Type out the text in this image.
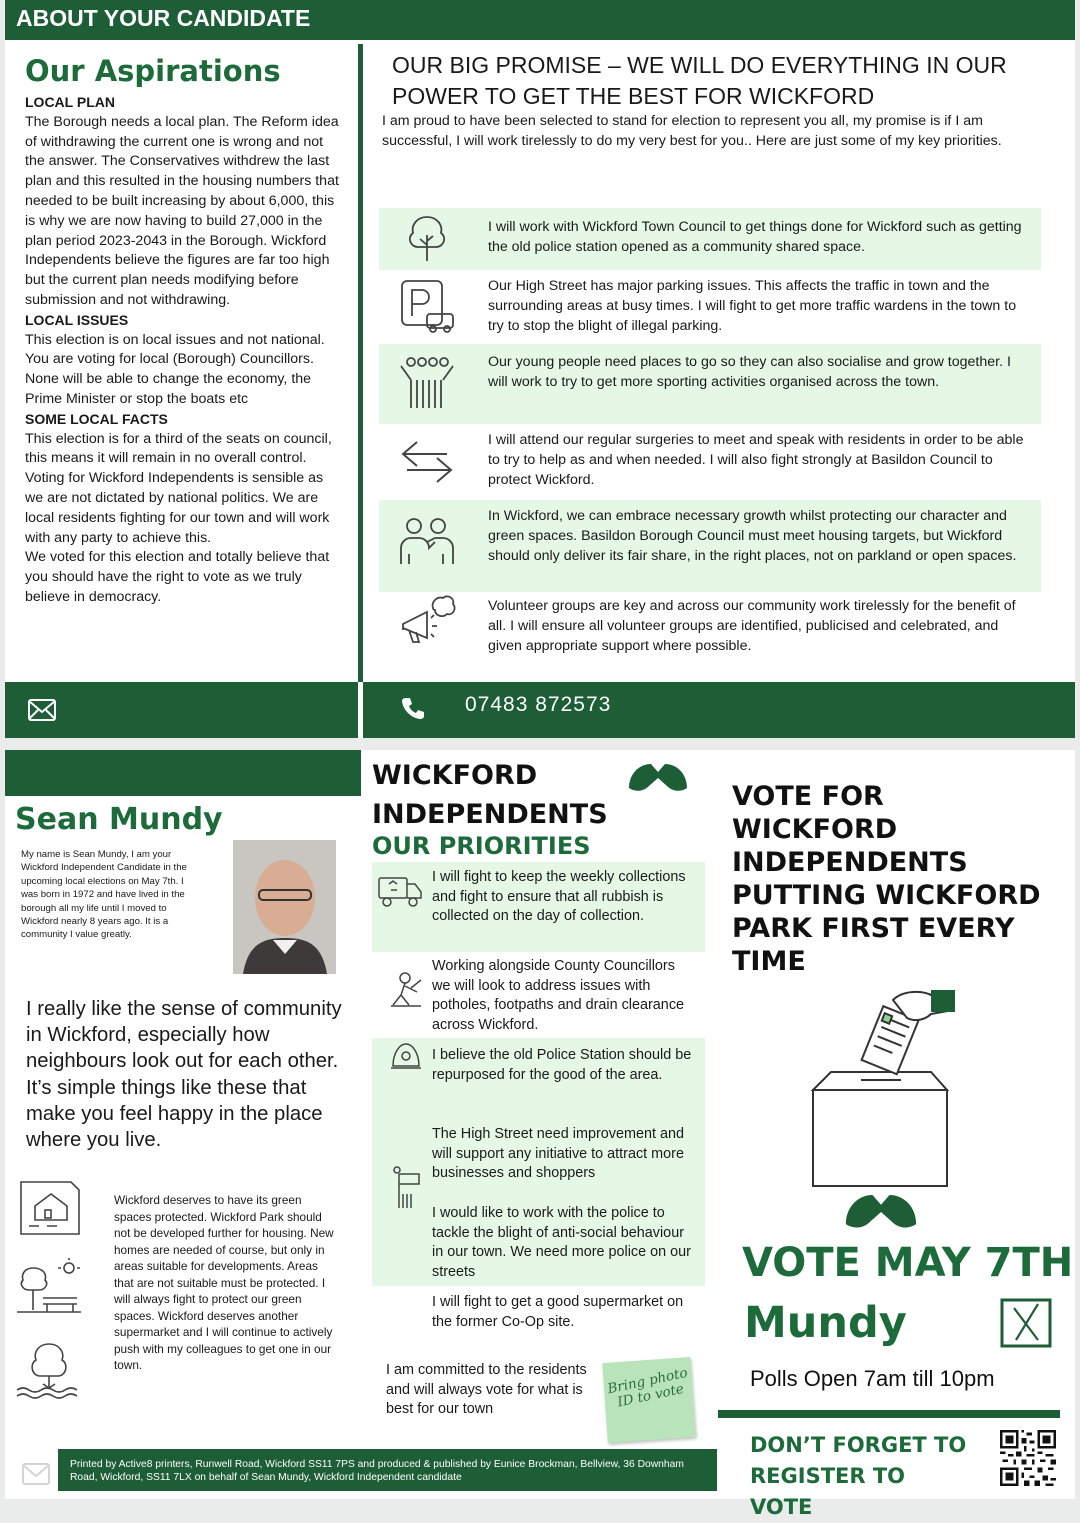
ABOUT YOUR CANDIDATE
Our Aspirations
LOCAL PLAN

The Borough needs a local plan. The Reform idea of withdrawing the current one is wrong and not the answer. The Conservatives withdrew the last plan and this resulted in the housing numbers that needed to be built increasing by about 6,000, this is why we are now having to build 27,000 in the plan period 2023-2043 in the Borough. Wickford Independents believe the figures are far too high but the current plan needs modifying before submission and not withdrawing.

LOCAL ISSUES

This election is on local issues and not national. You are voting for local (Borough) Councillors. None will be able to change the economy, the Prime Minister or stop the boats etc

SOME LOCAL FACTS

This election is for a third of the seats on council, this means it will remain in no overall control. Voting for Wickford Independents is sensible as we are not dictated by national politics. We are local residents fighting for our town and will work with any party to achieve this.

We voted for this election and totally believe that you should have the right to vote as we truly believe in democracy.

OUR BIG PROMISE – WE WILL DO EVERYTHING IN OUR POWER TO GET THE BEST FOR WICKFORD
I am proud to have been selected to stand for election to represent you all, my promise is if I am successful, I will work tirelessly to do my very best for you.. Here are just some of my key priorities.
I will work with Wickford Town Council to get things done for Wickford such as getting the old police station opened as a community shared space.
Our High Street has major parking issues. This affects the traffic in town and the surrounding areas at busy times. I will fight to get more traffic wardens in the town to try to stop the blight of illegal parking.
Our young people need places to go so they can also socialise and grow together. I will work to try to get more sporting activities organised across the town.
I will attend our regular surgeries to meet and speak with residents in order to be able to try to help as and when needed. I will also fight strongly at Basildon Council to protect Wickford.
In Wickford, we can embrace necessary growth whilst protecting our character and green spaces. Basildon Borough Council must meet housing targets, but Wickford should only deliver its fair share, in the right places, not on parkland or open spaces.
Volunteer groups are key and across our community work tirelessly for the benefit of all. I will ensure all volunteer groups are identified, publicised and celebrated, and given appropriate support where possible.
07483 872573
Sean Mundy
My name is Sean Mundy, I am your Wickford Independent Candidate in the upcoming local elections on May 7th. I was born in 1972 and have lived in the borough all my life until I moved to Wickford nearly 8 years ago. It is a community I value greatly.
I really like the sense of community in Wickford, especially how neighbours look out for each other. It’s simple things like these that make you feel happy in the place where you live.
Wickford deserves to have its green spaces protected. Wickford Park should not be developed further for housing. New homes are needed of course, but only in areas suitable for developments. Areas that are not suitable must be protected. I will always fight to protect our green spaces. Wickford deserves another supermarket and I will continue to actively push with my colleagues to get one in our town.
WICKFORD
INDEPENDENTS
OUR PRIORITIES
I will fight to keep the weekly collections and fight to ensure that all rubbish is collected on the day of collection.
Working alongside County Councillors we will look to address issues with potholes, footpaths and drain clearance across Wickford.
I believe the old Police Station should be repurposed for the good of the area.
The High Street need improvement and will support any initiative to attract more businesses and shoppers
I would like to work with the police to tackle the blight of anti-social behaviour in our town. We need more police on our streets
I will fight to get a good supermarket on the former Co-Op site.
I am committed to the residents and will always vote for what is best for our town
Bring photo ID to vote
Printed by Active8 printers, Runwell Road, Wickford SS11 7PS and produced & published by Eunice Brockman, Bellview, 36 Downham Road, Wickford, SS11 7LX on behalf of Sean Mundy, Wickford Independent candidate
VOTE FOR WICKFORD INDEPENDENTS PUTTING WICKFORD PARK FIRST EVERY TIME
VOTE MAY 7TH
Mundy
Polls Open 7am till 10pm
DON’T FORGET TO REGISTER TO VOTE
